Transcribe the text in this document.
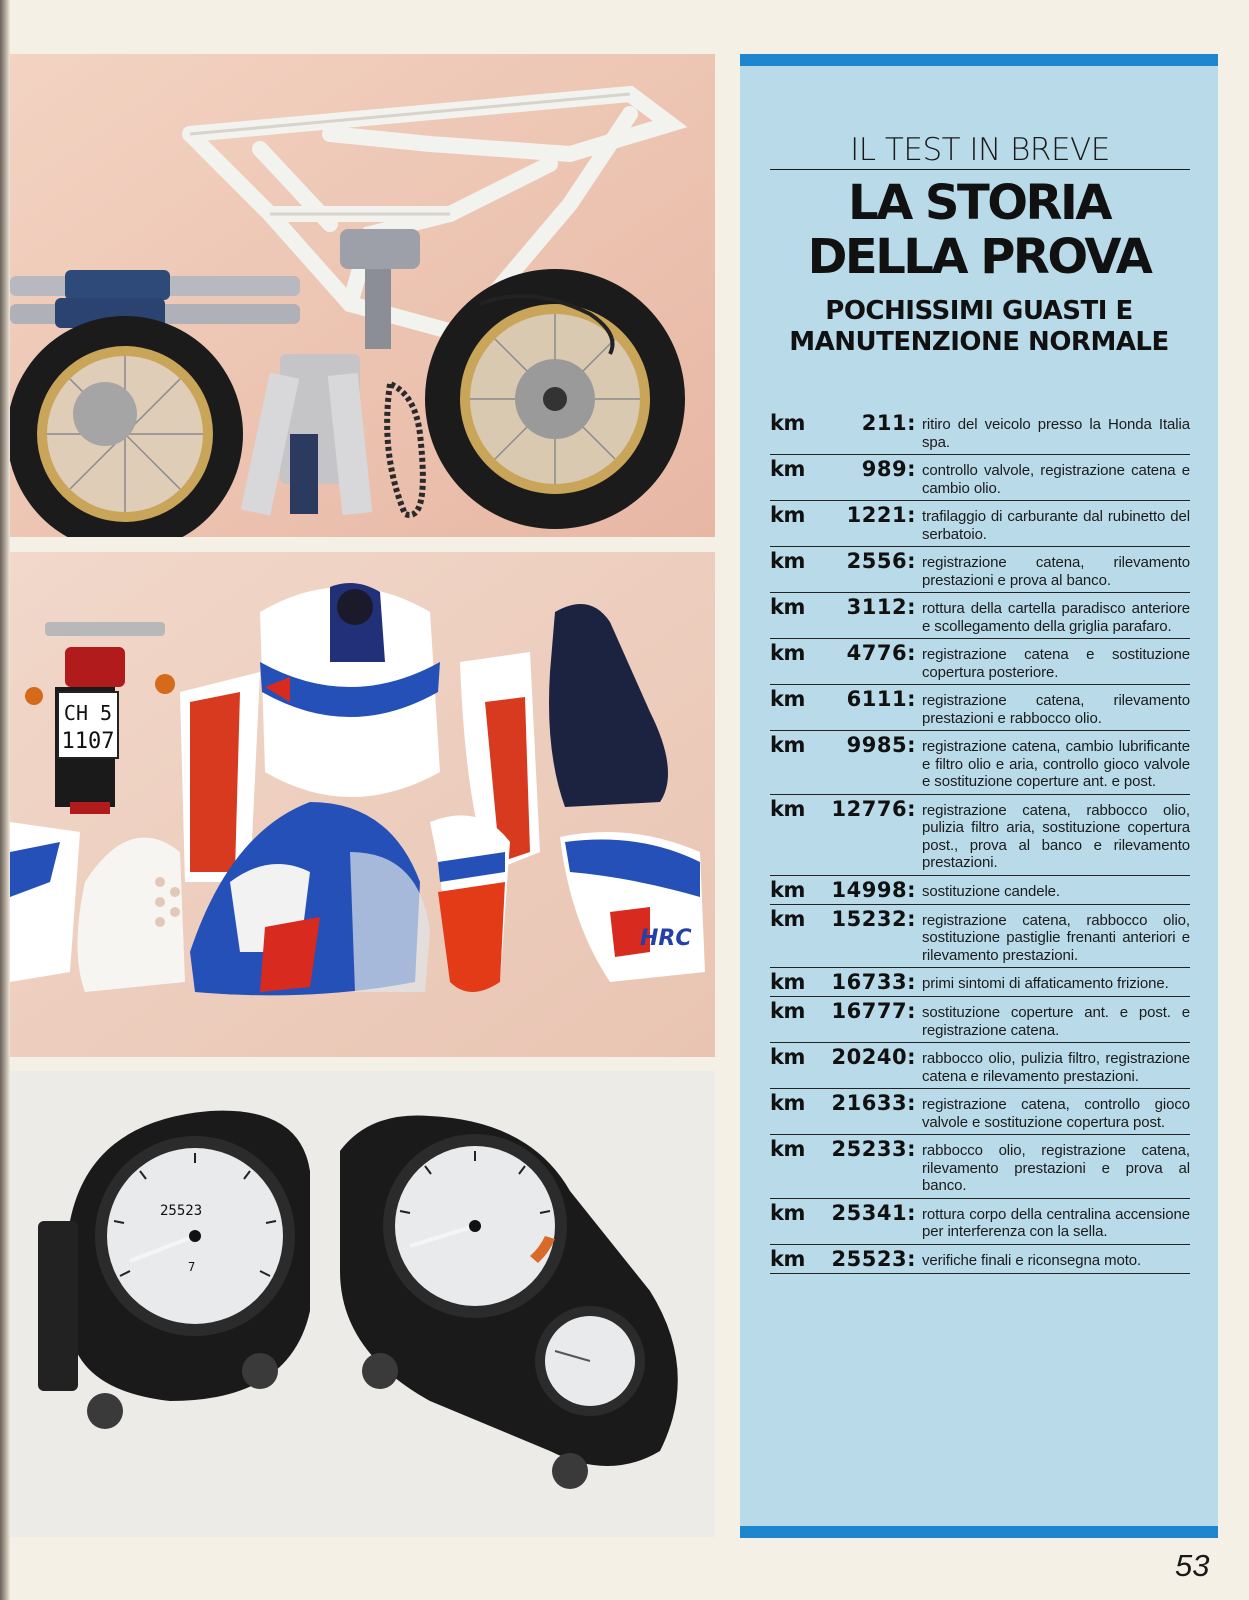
CH 5
1107
HRC
25523
7
IL TEST IN BREVE
LA STORIA
DELLA PROVA
POCHISSIMI GUASTI E
MANUTENZIONE NORMALE
km	211: ritiro del veicolo presso la Honda Italia spa.
km	989: controllo valvole, registrazione catena e cambio olio.
km 1221: trafilaggio di carburante dal rubinetto del serbatoio.
km 2556: registrazione catena, rilevamento prestazioni e prova al banco.
km 3112: rottura della cartella paradisco anteriore e scollegamento della griglia parafaro.
km 4776: registrazione catena e sostituzione copertura posteriore.
km 6111: registrazione catena, rilevamento prestazioni e rabbocco olio.
km 9985: registrazione catena, cambio lubrificante e filtro olio e aria, controllo gioco valvole e sostituzione coperture ant. e post.
km 12776: registrazione catena, rabbocco olio, pulizia filtro aria, sostituzione copertura post., prova al banco e rilevamento prestazioni.
km 14998: sostituzione candele.
km 15232: registrazione catena, rabbocco olio, sostituzione pastiglie frenanti anteriori e rilevamento prestazioni.
km 16733: primi sintomi di affaticamento frizione.
km 16777: sostituzione coperture ant. e post. e registrazione catena.
km 20240: rabbocco olio, pulizia filtro, registrazione catena e rilevamento prestazioni.
km 21633: registrazione catena, controllo gioco valvole e sostituzione copertura post.
km 25233: rabbocco olio, registrazione catena, rilevamento prestazioni e prova al banco.
km 25341: rottura corpo della centralina accensione per interferenza con la sella.
km 25523: verifiche finali e riconsegna moto.
53
